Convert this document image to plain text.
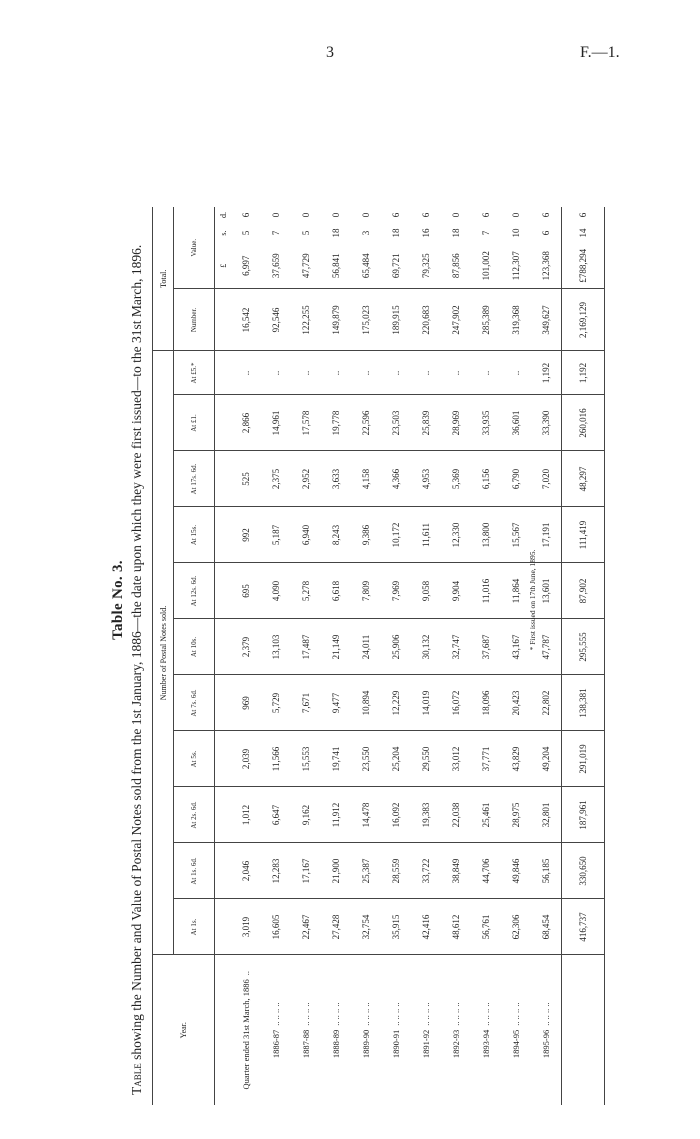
3	F.—1.
Table No. 3.
Table showing the Number and Value of Postal Notes sold from the 1st January, 1886—the date upon which they were first issued—to the 31st March, 1896.	Year.	Number of Postal Notes sold.											Total.			
	At 1s.	At 1s. 6d.	At 2s. 6d.	At 5s.	At 7s. 6d.	At 10s.	At 12s. 6d.	At 15s.	At 17s. 6d.	At £1.	At £5.*	Number.	Value.		
													£	s.	d.
Quarter ended 31st March, 1886..	3,019	2,046	1,012	2,039	969	2,379	695	992	525	2,866	..	16,542	6,997	5	6
1886-87.. .. .. ..	16,605	12,283	6,647	11,566	5,729	13,103	4,090	5,187	2,375	14,961	..	92,546	37,659	7	0
1887-88.. .. .. ..	22,467	17,167	9,162	15,553	7,671	17,487	5,278	6,940	2,952	17,578	..	122,255	47,729	5	0
1888-89.. .. .. ..	27,428	21,900	11,912	19,741	9,477	21,149	6,618	8,243	3,633	19,778	..	149,879	56,841	18	0
1889-90.. .. .. ..	32,754	25,387	14,478	23,550	10,894	24,011	7,809	9,386	4,158	22,596	..	175,023	65,484	3	0
1890-91.. .. .. ..	35,915	28,559	16,092	25,204	12,229	25,906	7,969	10,172	4,366	23,503	..	189,915	69,721	18	6
1891-92.. .. .. ..	42,416	33,722	19,383	29,550	14,019	30,132	9,058	11,611	4,953	25,839	..	220,683	79,325	16	6
1892-93.. .. .. ..	48,612	38,849	22,038	33,012	16,072	32,747	9,904	12,330	5,369	28,969	..	247,902	87,856	18	0
1893-94.. .. .. ..	56,761	44,706	25,461	37,771	18,096	37,687	11,016	13,800	6,156	33,935	..	285,389	101,002	7	6
1894-95.. .. .. ..	62,306	49,846	28,975	43,829	20,423	43,167	11,864	15,567	6,790	36,601	..	319,368	112,307	10	0
1895-96.. .. .. ..	68,454	56,185	32,801	49,204	22,802	47,787	13,601	17,191	7,020	33,390	1,192	349,627	123,368	6	6
	416,737	330,650	187,961	291,019	138,381	295,555	87,902	111,419	48,297	260,016	1,192	2,169,129	£788,294	14	6
* First issued on 17th June, 1895.
